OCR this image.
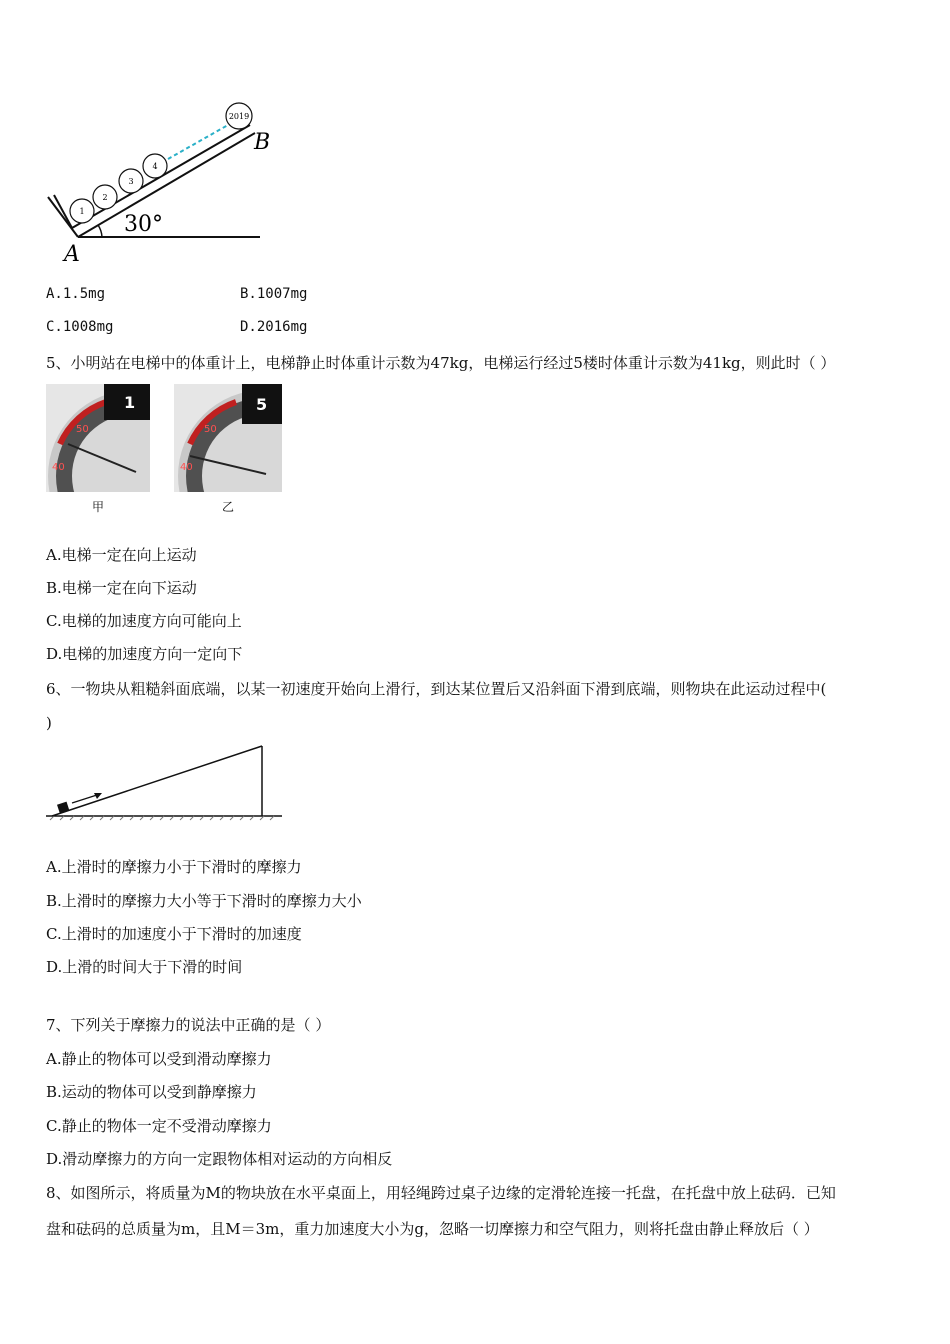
1
2
3
4
2019
30°
A
B
A.1.5mg	B.1007mg
C.1008mg	D.2016mg
5、小明站在电梯中的体重计上，电梯静止时体重计示数为47kg，电梯运行经过5楼时体重计示数为41kg，则此时（ ）
1
50
40
甲
5
50
40
乙
A.电梯一定在向上运动
B.电梯一定在向下运动
C.电梯的加速度方向可能向上
D.电梯的加速度方向一定向下
6、一物块从粗糙斜面底端，以某一初速度开始向上滑行，到达某位置后又沿斜面下滑到底端，则物块在此运动过程中(
)
A.上滑时的摩擦力小于下滑时的摩擦力
B.上滑时的摩擦力大小等于下滑时的摩擦力大小
C.上滑时的加速度小于下滑时的加速度
D.上滑的时间大于下滑的时间
7、下列关于摩擦力的说法中正确的是（ ）
A.静止的物体可以受到滑动摩擦力
B.运动的物体可以受到静摩擦力
C.静止的物体一定不受滑动摩擦力
D.滑动摩擦力的方向一定跟物体相对运动的方向相反
8、如图所示，将质量为M的物块放在水平桌面上，用轻绳跨过桌子边缘的定滑轮连接一托盘，在托盘中放上砝码．已知
盘和砝码的总质量为m，且M＝3m，重力加速度大小为g，忽略一切摩擦力和空气阻力，则将托盘由静止释放后（ ）
